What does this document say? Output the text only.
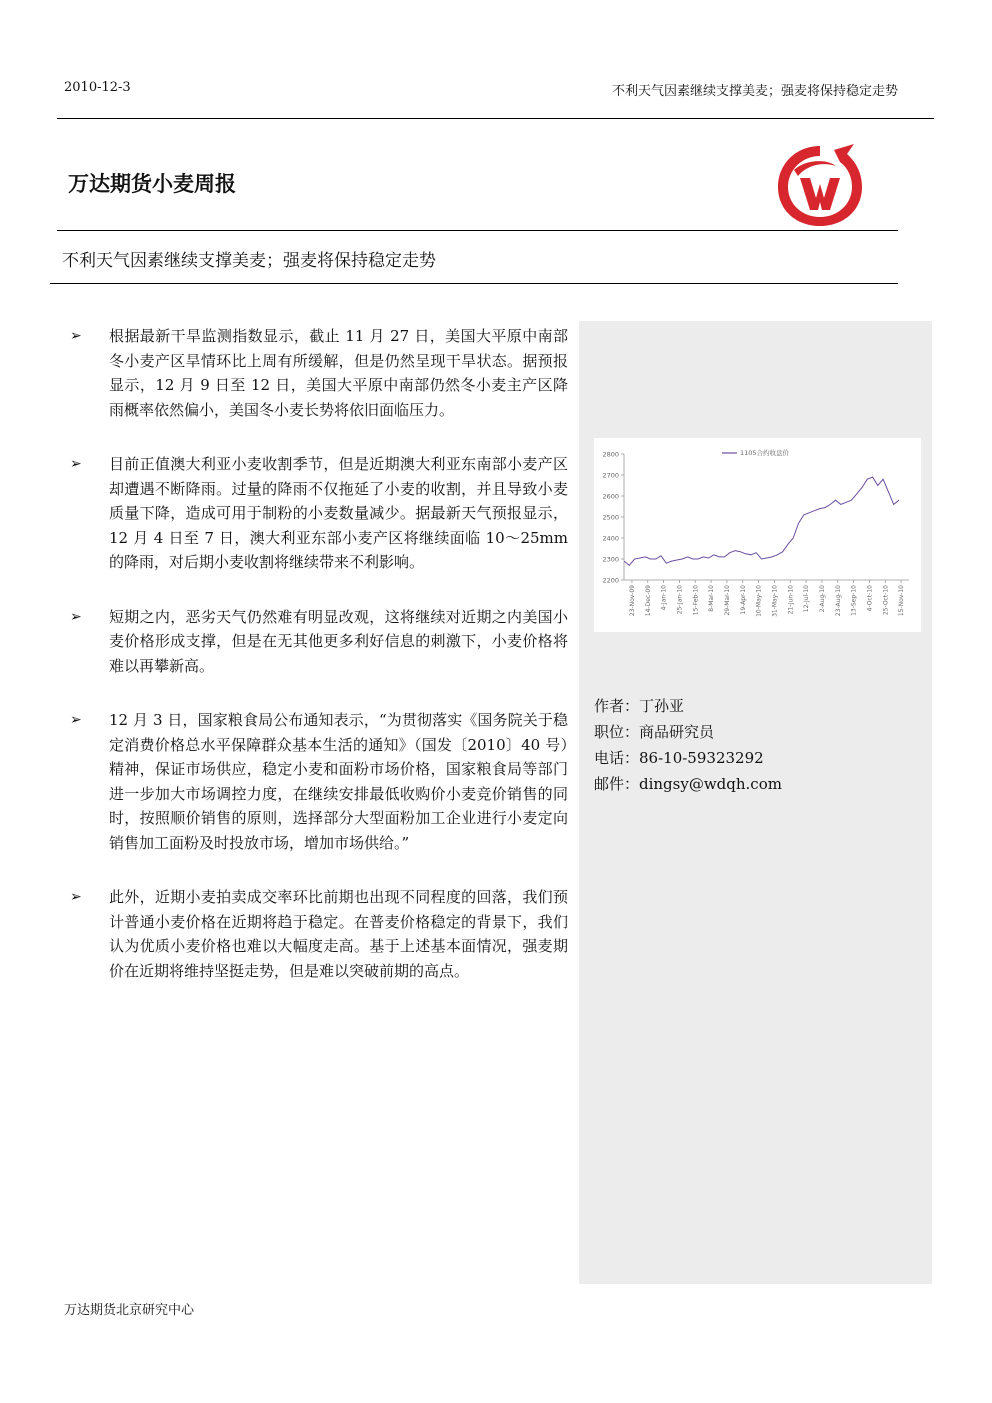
2010-12-3	不利天气因素继续支撑美麦；强麦将保持稳定走势
万达期货小麦周报
不利天气因素继续支撑美麦；强麦将保持稳定走势
➢ 根据最新干旱监测指数显示，截止 11 月 27 日，美国大平原中南部冬小麦产区旱情环比上周有所缓解，但是仍然呈现干旱状态。据预报显示，12 月 9 日至 12 日，美国大平原中南部仍然冬小麦主产区降雨概率依然偏小，美国冬小麦长势将依旧面临压力。
➢ 目前正值澳大利亚小麦收割季节，但是近期澳大利亚东南部小麦产区却遭遇不断降雨。过量的降雨不仅拖延了小麦的收割，并且导致小麦质量下降，造成可用于制粉的小麦数量减少。据最新天气预报显示，12 月 4 日至 7 日，澳大利亚东部小麦产区将继续面临 10～25mm 的降雨，对后期小麦收割将继续带来不利影响。
➢ 短期之内，恶劣天气仍然难有明显改观，这将继续对近期之内美国小麦价格形成支撑，但是在无其他更多利好信息的刺激下，小麦价格将难以再攀新高。
➢ 12 月 3 日，国家粮食局公布通知表示，“为贯彻落实《国务院关于稳定消费价格总水平保障群众基本生活的通知》（国发〔2010〕40 号）精神，保证市场供应，稳定小麦和面粉市场价格，国家粮食局等部门进一步加大市场调控力度，在继续安排最低收购价小麦竞价销售的同时，按照顺价销售的原则，选择部分大型面粉加工企业进行小麦定向销售加工面粉及时投放市场，增加市场供给。”
➢ 此外，近期小麦拍卖成交率环比前期也出现不同程度的回落，我们预计普通小麦价格在近期将趋于稳定。在普麦价格稳定的背景下，我们认为优质小麦价格也难以大幅度走高。基于上述基本面情况，强麦期价在近期将维持坚挺走势，但是难以突破前期的高点。
2200
2300
2400
2500
2600
2700
2800
23-Nov-09 14-Dec-09 4-Jan-10 25-Jan-10 15-Feb-10 8-Mar-10 29-Mar-10 19-Apr-10 10-May-10 31-May-10 21-Jun-10 12-Jul-10 2-Aug-10 23-Aug-10 13-Sep-10 4-Oct-10 25-Oct-10 15-Nov-10
1105合约收盘价
作者：丁孙亚
职位：商品研究员
电话：86-10-59323292
邮件：dingsy@wdqh.com
万达期货北京研究中心
